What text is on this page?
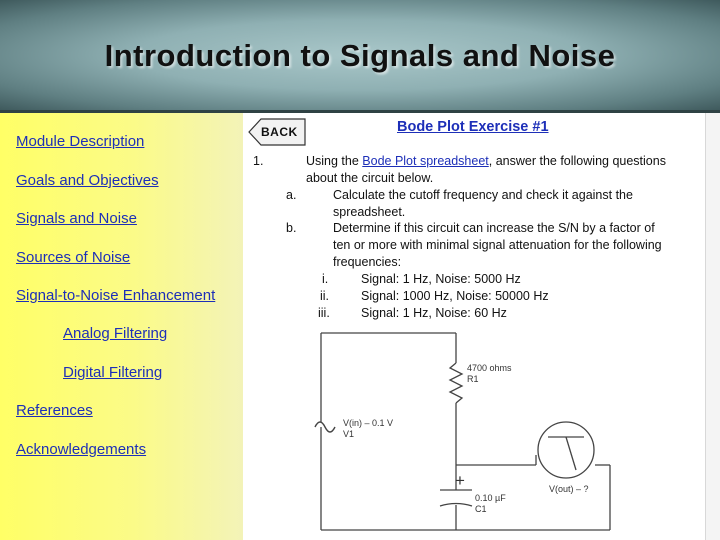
Introduction to Signals and Noise
Module Description
Goals and Objectives
Signals and Noise
Sources of Noise
Signal-to-Noise Enhancement
Analog Filtering
Digital Filtering
References
Acknowledgements
BACK	Bode Plot Exercise #1
1.	Using the Bode Plot spreadsheet, answer the following questions
about the circuit below.
a.	Calculate the cutoff frequency and check it against the
spreadsheet.
b.	Determine if this circuit can increase the S/N by a factor of
ten or more with minimal signal attenuation for the following
frequencies:
i.	Signal: 1 Hz, Noise: 5000 Hz
ii.	Signal: 1000 Hz, Noise: 50000 Hz
iii. Signal: 1 Hz, Noise: 60 Hz
4700 ohms
R1
V(in) – 0.1 V
V1
+
0.10 µF
C1
V(out) – ?
